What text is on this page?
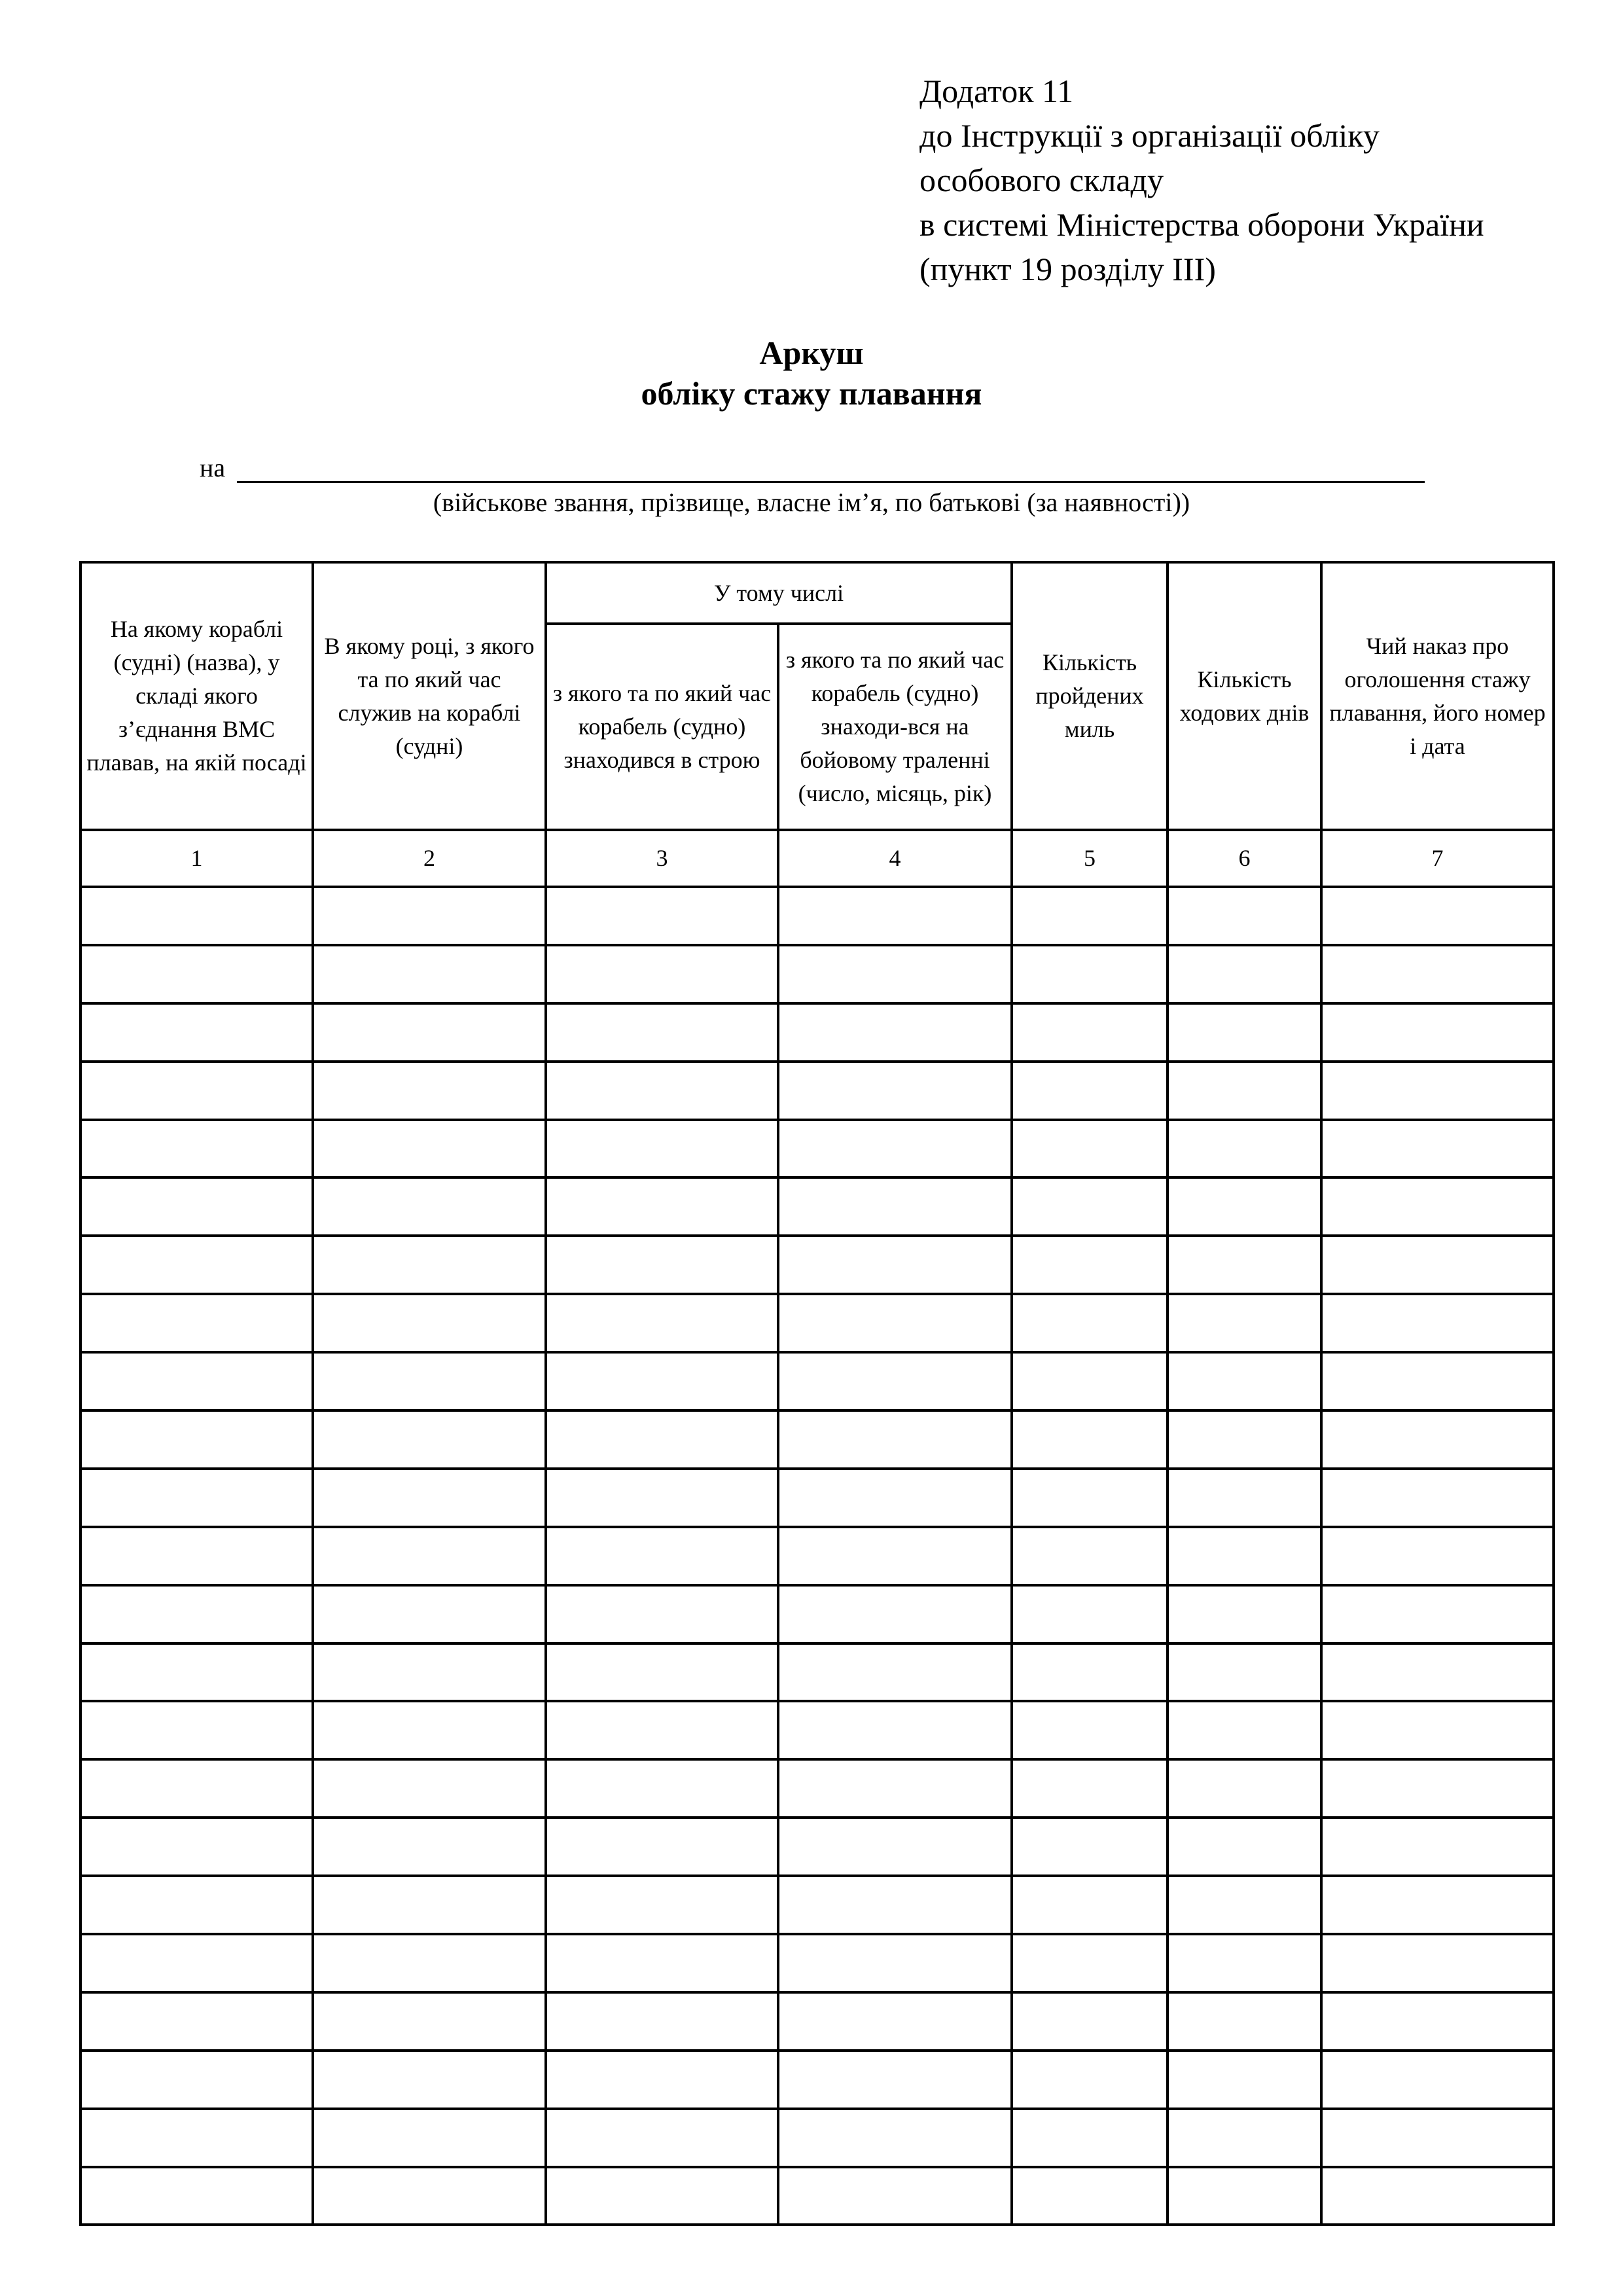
Додаток 11
до Інструкції з організації обліку
особового складу
в системі Міністерства оборони України
(пункт 19 розділу III)
Аркуш
обліку стажу плавання
на
(військове звання, прізвище, власне ім’я, по батькові (за наявності))
На якому кораблі (судні) (назва), у складі якого з’єднання ВМС плавав, на якій посаді	В якому році, з якого та по який час служив на кораблі (судні)	У тому числі		Кількість пройдених миль	Кількість ходових днів	Чий наказ про оголошення стажу плавання, його номер і дата
		з якого та по який час корабель (судно) знаходився в строю	з якого та по який час корабель (судно) знаходи-вся на бойовому траленні (число, місяць, рік)			
1	2	3	4	5	6	7
